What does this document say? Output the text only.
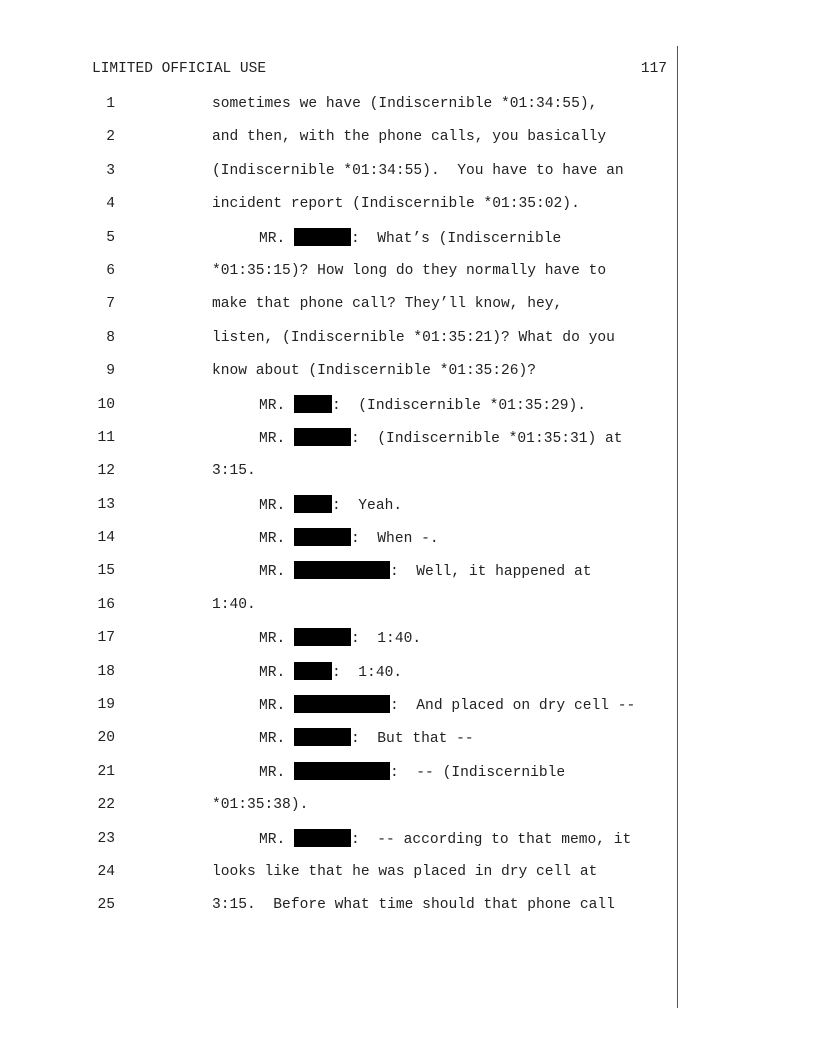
LIMITED OFFICIAL USE	117
1	sometimes we have (Indiscernible *01:34:55),
2	and then, with the phone calls, you basically
3	(Indiscernible *01:34:55).  You have to have an
4	incident report (Indiscernible *01:35:02).
5	MR.	:  What’s (Indiscernible
6	*01:35:15)? How long do they normally have to
7	make that phone call? They’ll know, hey,
8	listen, (Indiscernible *01:35:21)? What do you
9	know about (Indiscernible *01:35:26)?
10	MR.	:  (Indiscernible *01:35:29).
11	MR.	:  (Indiscernible *01:35:31) at
12	3:15.
13	MR.	:  Yeah.
14	MR.	:  When -.
15	MR.	:  Well, it happened at
16	1:40.
17	MR.	:  1:40.
18	MR.	:  1:40.
19	MR.	:  And placed on dry cell --
20	MR.	:  But that --
21	MR.	:  -- (Indiscernible
22	*01:35:38).
23	MR.	:  -- according to that memo, it
24	looks like that he was placed in dry cell at
25	3:15.  Before what time should that phone call
